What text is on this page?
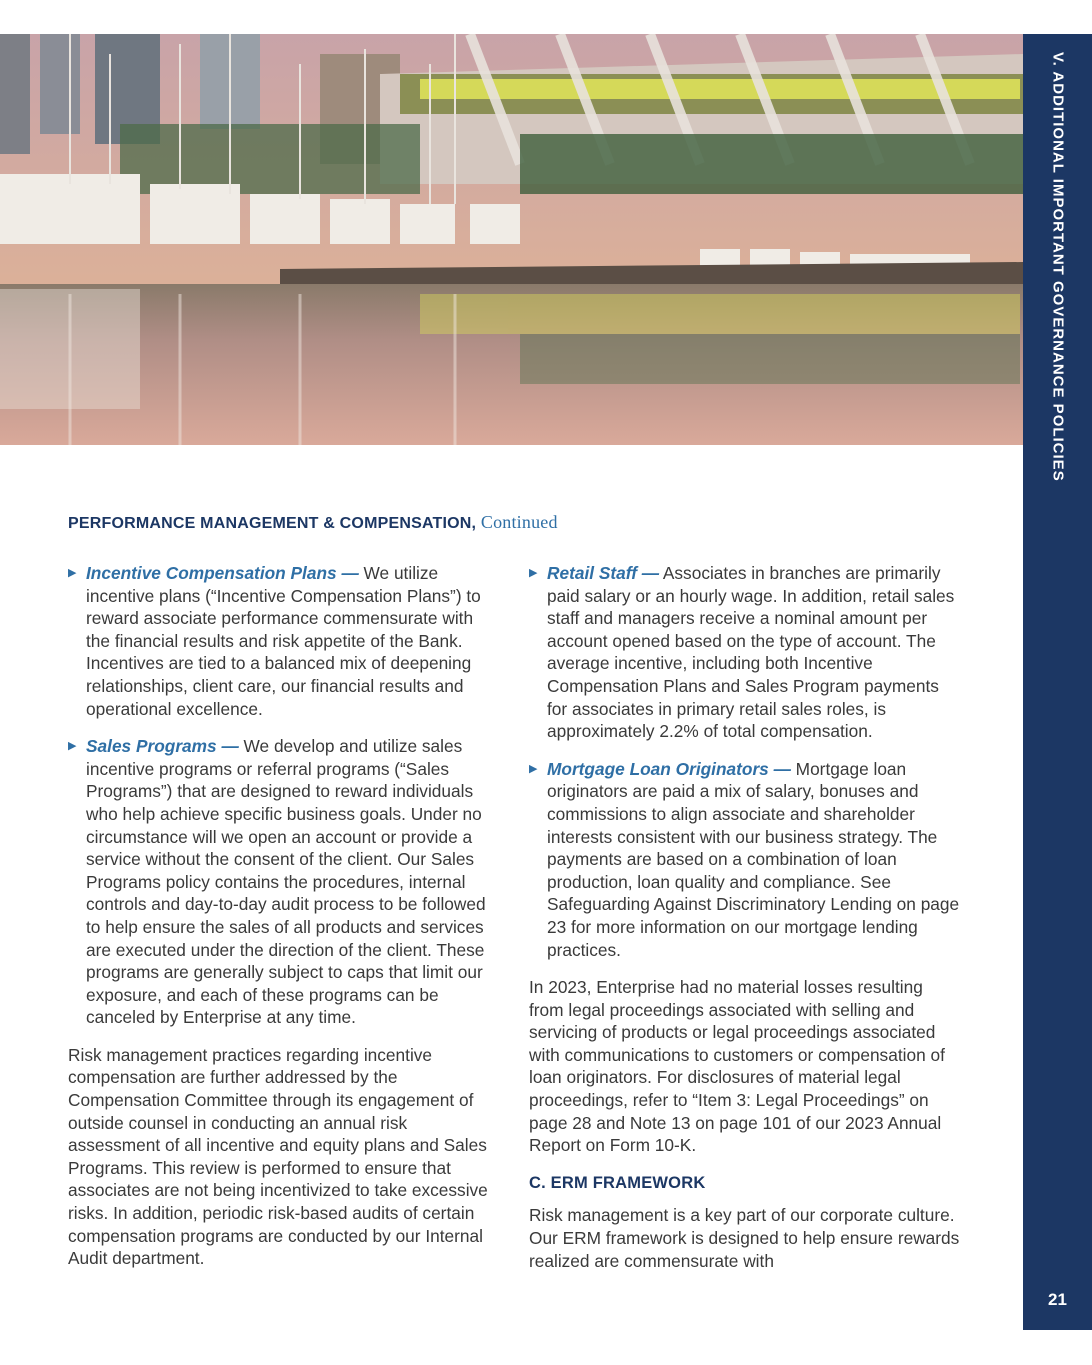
V. ADDITIONAL IMPORTANT GOVERNANCE POLICIES
21
PERFORMANCE MANAGEMENT & COMPENSATION, Continued
▶ Incentive Compensation Plans — We utilize incentive plans (“Incentive Compensation Plans”) to reward associate performance commensurate with the financial results and risk appetite of the Bank. Incentives are tied to a balanced mix of deepening relationships, client care, our financial results and operational excellence.
▶ Sales Programs — We develop and utilize sales incentive programs or referral programs (“Sales Programs”) that are designed to reward individuals who help achieve specific business goals. Under no circumstance will we open an account or provide a service without the consent of the client. Our Sales Programs policy contains the procedures, internal controls and day-to-day audit process to be followed to help ensure the sales of all products and services are executed under the direction of the client. These programs are generally subject to caps that limit our exposure, and each of these programs can be canceled by Enterprise at any time.

Risk management practices regarding incentive compensation are further addressed by the Compensation Committee through its engagement of outside counsel in conducting an annual risk assessment of all incentive and equity plans and Sales Programs. This review is performed to ensure that associates are not being incentivized to take excessive risks. In addition, periodic risk-based audits of certain compensation programs are conducted by our Internal Audit department.

▶ Retail Staff — Associates in branches are primarily paid salary or an hourly wage. In addition, retail sales staff and managers receive a nominal amount per account opened based on the type of account. The average incentive, including both Incentive Compensation Plans and Sales Program payments for associates in primary retail sales roles, is approximately 2.2% of total compensation.
▶ Mortgage Loan Originators — Mortgage loan originators are paid a mix of salary, bonuses and commissions to align associate and shareholder interests consistent with our business strategy. The payments are based on a combination of loan production, loan quality and compliance. See Safeguarding Against Discriminatory Lending on page 23 for more information on our mortgage lending practices.

In 2023, Enterprise had no material losses resulting from legal proceedings associated with selling and servicing of products or legal proceedings associated with communications to customers or compensation of loan originators. For disclosures of material legal proceedings, refer to “Item 3: Legal Proceedings” on page 28 and Note 13 on page 101 of our 2023 Annual Report on Form 10-K.

C. ERM FRAMEWORK

Risk management is a key part of our corporate culture. Our ERM framework is designed to help ensure rewards realized are commensurate with
